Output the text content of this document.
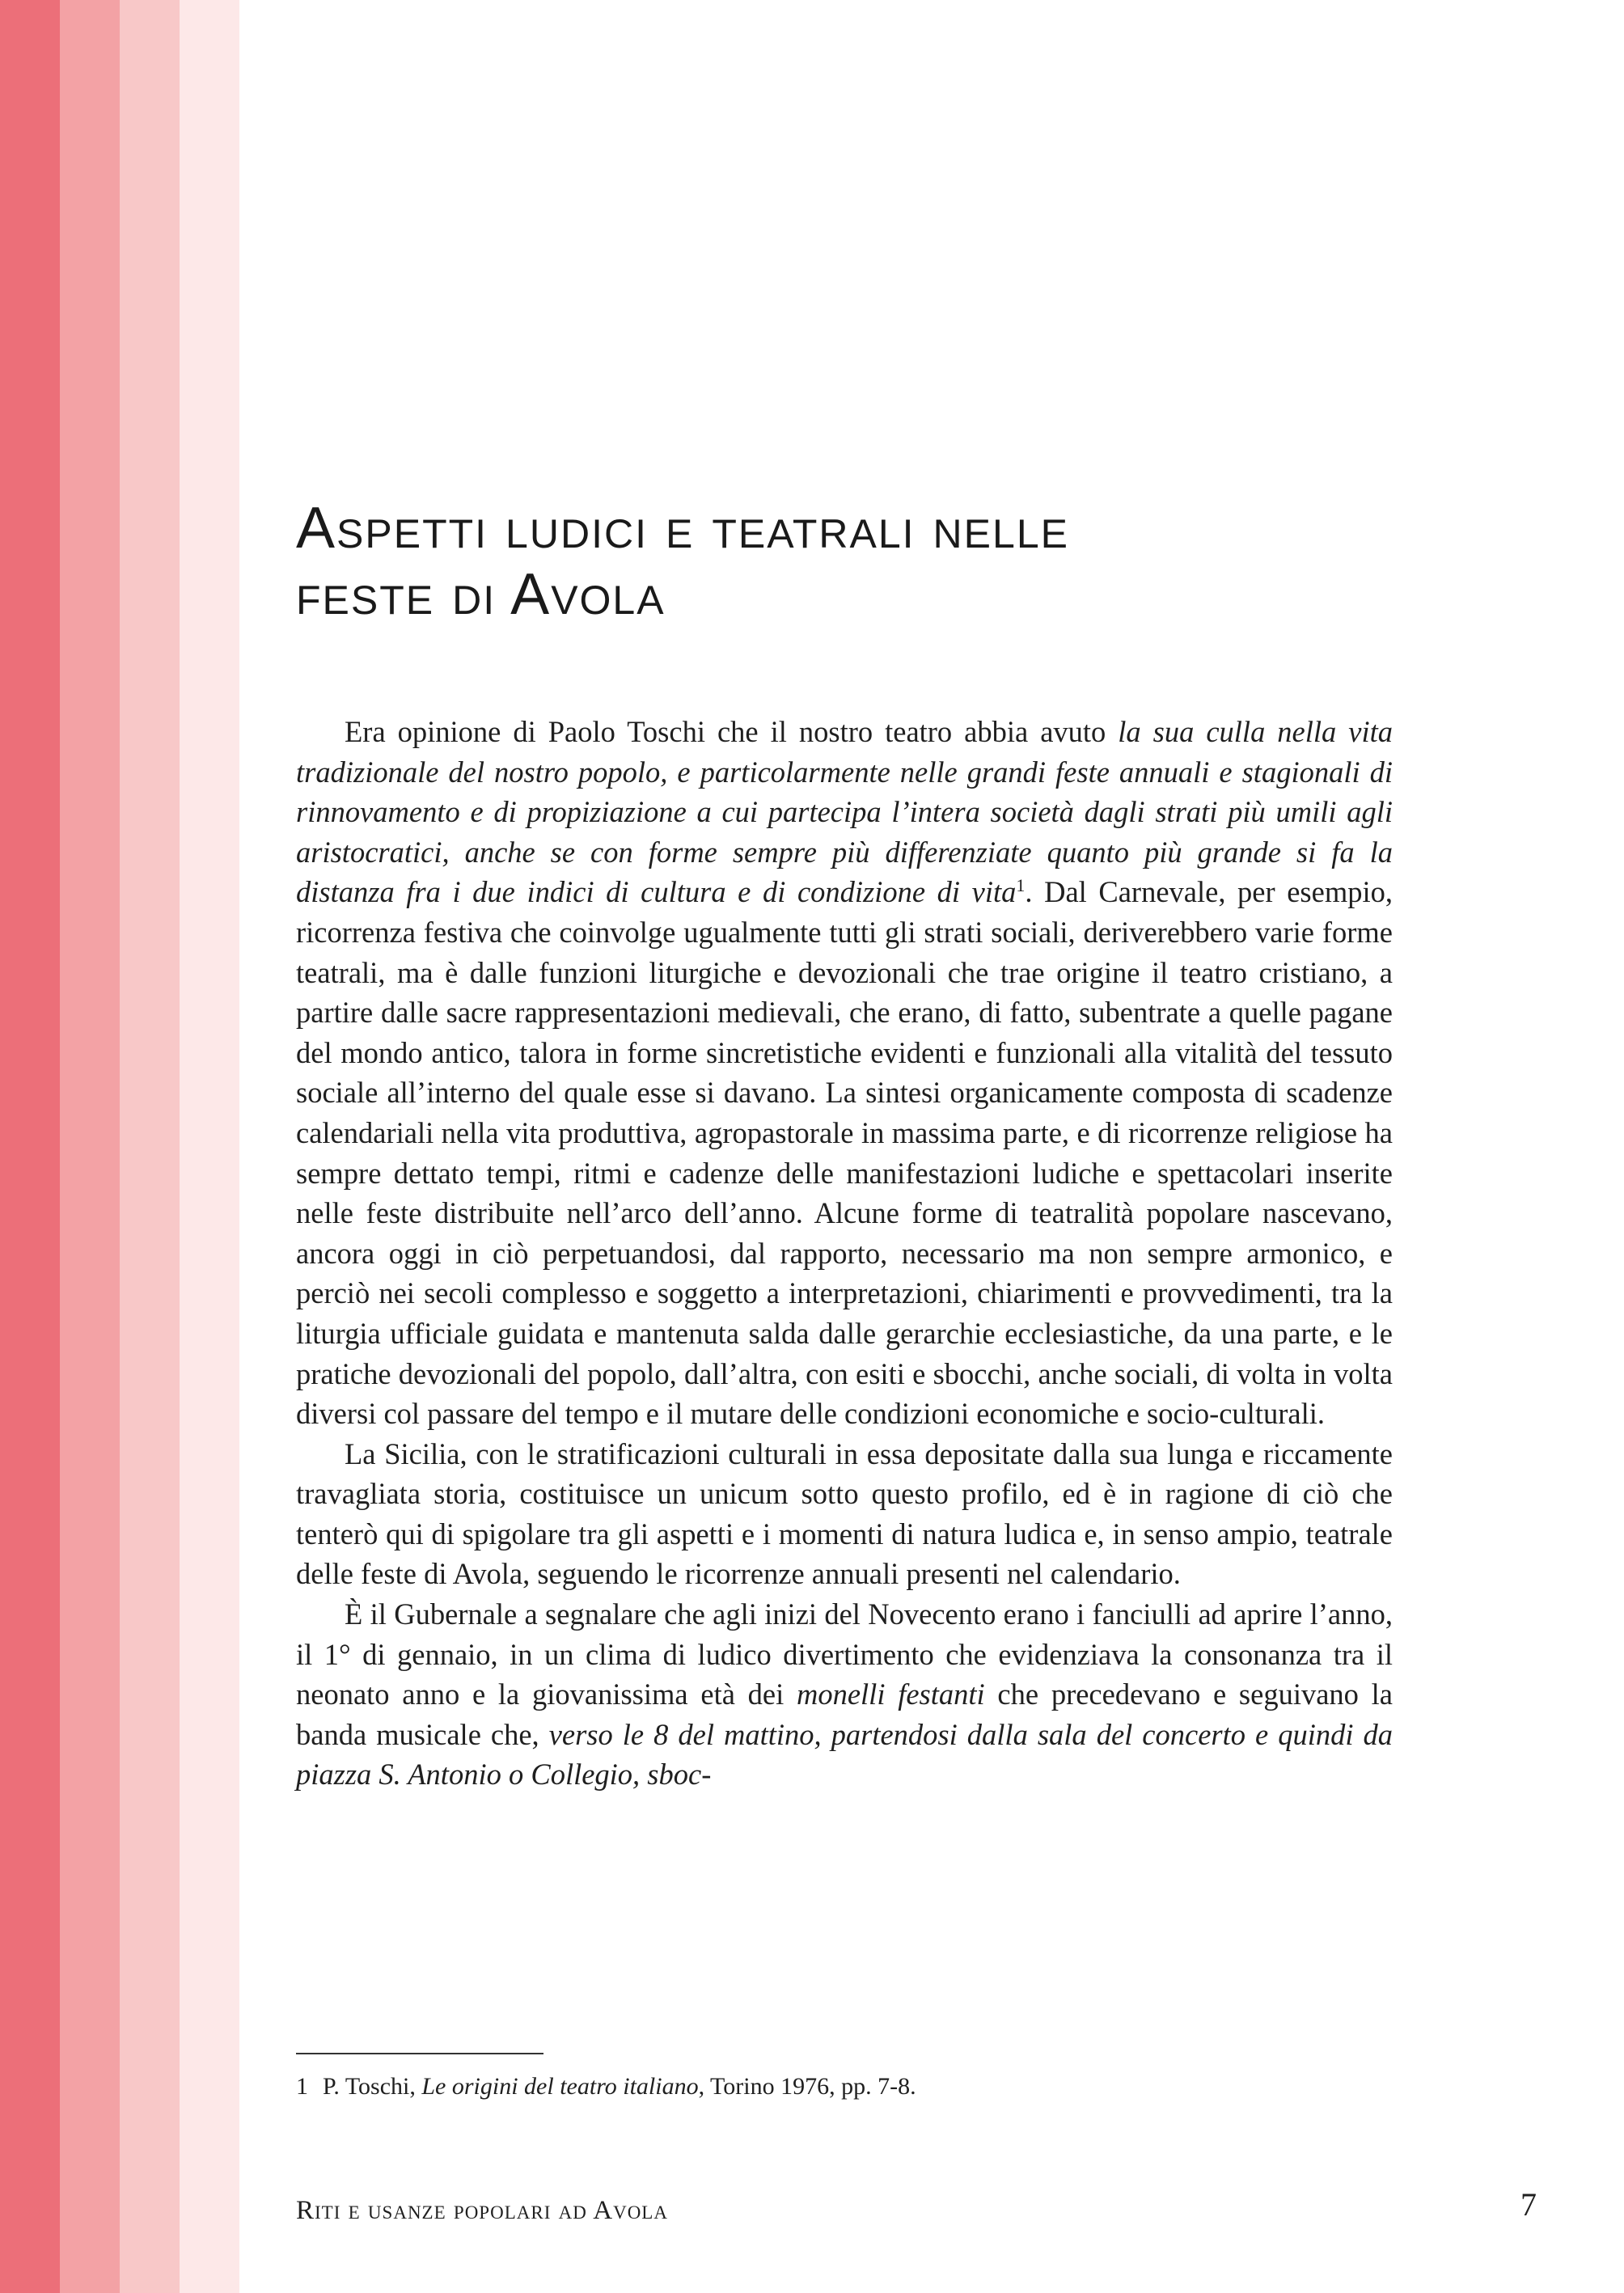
Aspetti ludici e teatrali nelle
feste di Avola

Era opinione di Paolo Toschi che il nostro teatro abbia avuto la sua culla nella vita tradizionale del nostro popolo, e particolarmente nelle grandi feste annuali e stagionali di rinnovamento e di propiziazione a cui partecipa l’intera società dagli strati più umili agli aristocratici, anche se con forme sempre più differenziate quanto più grande si fa la distanza fra i due indici di cultura e di condizione di vita$^1$. Dal Carnevale, per esempio, ricorrenza festiva che coinvolge ugualmente tutti gli strati sociali, deriverebbero varie forme teatrali, ma è dalle funzioni liturgiche e devozionali che trae origine il teatro cristiano, a partire dalle sacre rappresentazioni medievali, che erano, di fatto, subentrate a quelle pagane del mondo antico, talora in forme sincretistiche evidenti e funzionali alla vitalità del tessuto sociale all’interno del quale esse si davano. La sintesi organicamente composta di scadenze calendariali nella vita produttiva, agropastorale in massima parte, e di ricorrenze religiose ha sempre dettato tempi, ritmi e cadenze delle manifestazioni ludiche e spettacolari inserite nelle feste distribuite nell’arco dell’anno. Alcune forme di teatralità popolare nascevano, ancora oggi in ciò perpetuandosi, dal rapporto, necessario ma non sempre armonico, e perciò nei secoli complesso e soggetto a interpretazioni, chiarimenti e provvedimenti, tra la liturgia ufficiale guidata e mantenuta salda dalle gerarchie ecclesiastiche, da una parte, e le pratiche devozionali del popolo, dall’altra, con esiti e sbocchi, anche sociali, di volta in volta diversi col passare del tempo e il mutare delle condizioni economiche e socio-culturali.

La Sicilia, con le stratificazioni culturali in essa depositate dalla sua lunga e riccamente travagliata storia, costituisce un unicum sotto questo profilo, ed è in ragione di ciò che tenterò qui di spigolare tra gli aspetti e i momenti di natura ludica e, in senso ampio, teatrale delle feste di Avola, seguendo le ricorrenze annuali presenti nel calendario.

È il Gubernale a segnalare che agli inizi del Novecento erano i fanciulli ad aprire l’anno, il 1° di gennaio, in un clima di ludico divertimento che evidenziava la consonanza tra il neonato anno e la giovanissima età dei monelli festanti che precedevano e seguivano la banda musicale che, verso le 8 del mattino, partendosi dalla sala del concerto e quindi da piazza S. Antonio o Collegio, sboc-

1 P. Toschi, Le origini del teatro italiano, Torino 1976, pp. 7-8.
Riti e usanze popolari ad Avola	7
